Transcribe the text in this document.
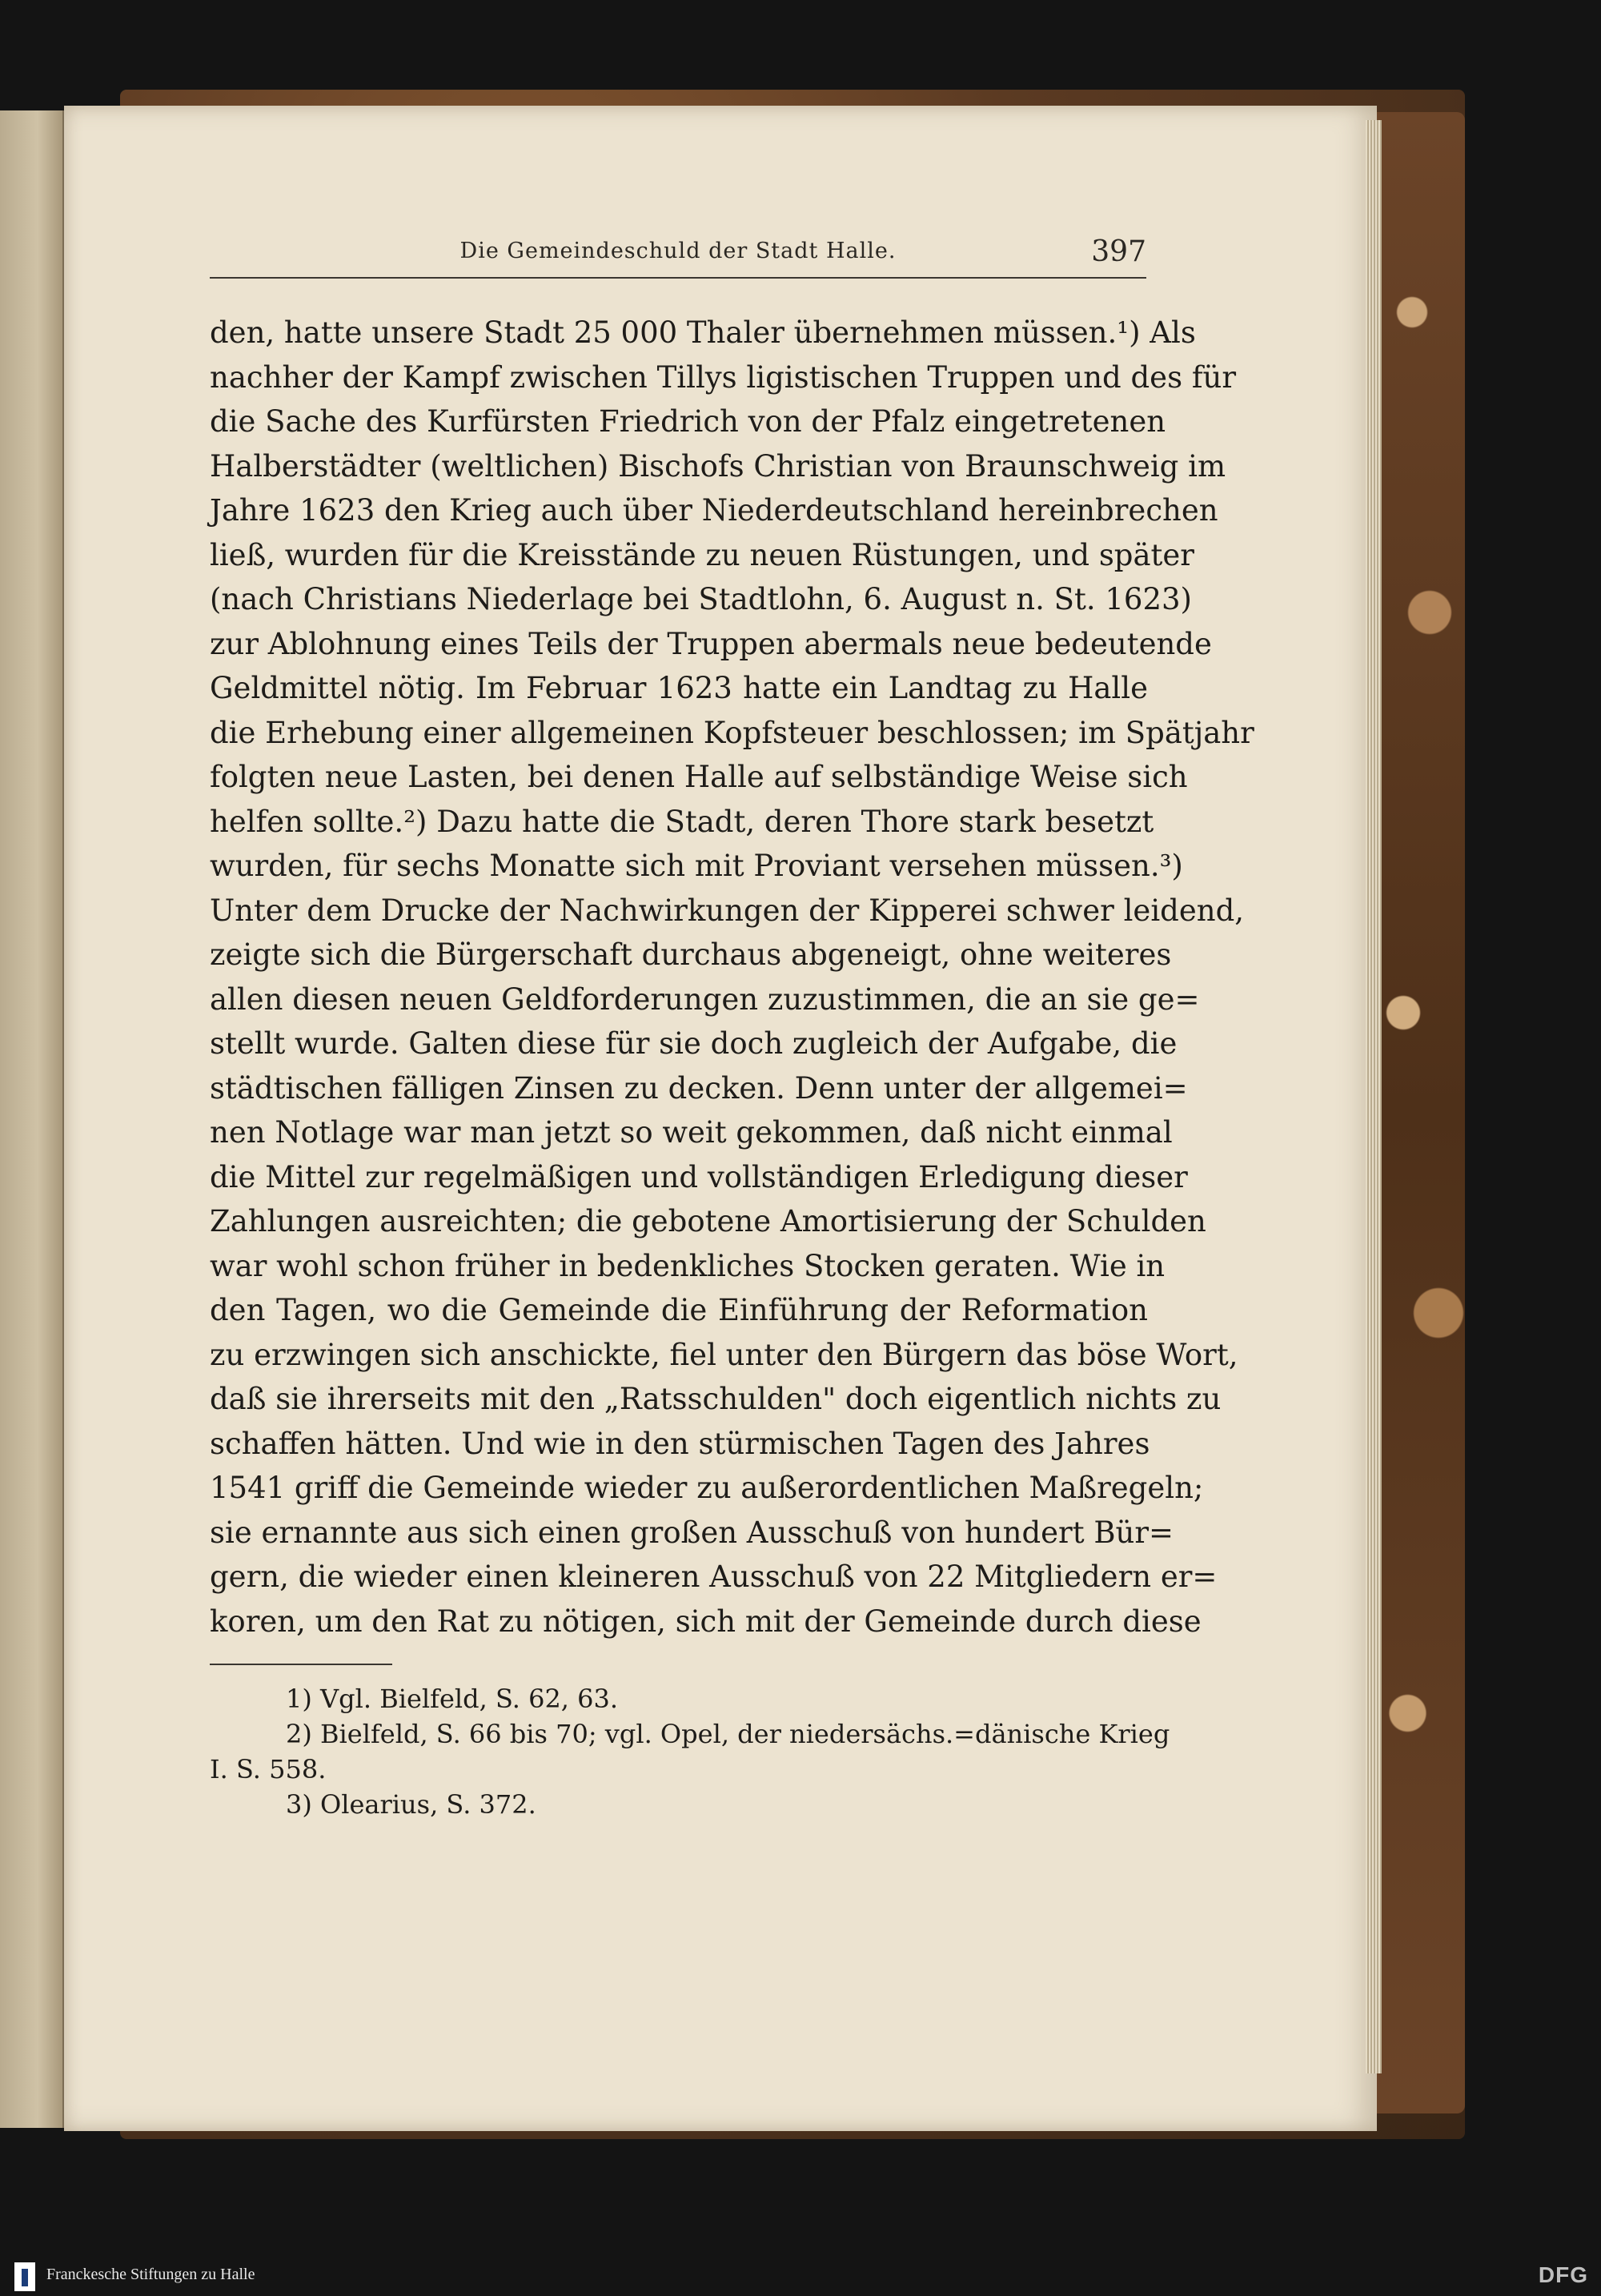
Die Gemeindeschuld der Stadt Halle.	397
den, hatte unsere Stadt 25 000 Thaler übernehmen müssen.¹) Als
nachher der Kampf zwischen Tillys ligistischen Truppen und des für
die Sache des Kurfürsten Friedrich von der Pfalz eingetretenen
Halberstädter (weltlichen) Bischofs Christian von Braunschweig im
Jahre 1623 den Krieg auch über Niederdeutschland hereinbrechen
ließ, wurden für die Kreisstände zu neuen Rüstungen, und später
(nach Christians Niederlage bei Stadtlohn, 6. August n. St. 1623)
zur Ablohnung eines Teils der Truppen abermals neue bedeutende
Geldmittel nötig. Im Februar 1623 hatte ein Landtag zu Halle
die Erhebung einer allgemeinen Kopfsteuer beschlossen; im Spätjahr
folgten neue Lasten, bei denen Halle auf selbständige Weise sich
helfen sollte.²) Dazu hatte die Stadt, deren Thore stark besetzt
wurden, für sechs Monatte sich mit Proviant versehen müssen.³)
Unter dem Drucke der Nachwirkungen der Kipperei schwer leidend,
zeigte sich die Bürgerschaft durchaus abgeneigt, ohne weiteres
allen diesen neuen Geldforderungen zuzustimmen, die an sie ge=
stellt wurde. Galten diese für sie doch zugleich der Aufgabe, die
städtischen fälligen Zinsen zu decken. Denn unter der allgemei=
nen Notlage war man jetzt so weit gekommen, daß nicht einmal
die Mittel zur regelmäßigen und vollständigen Erledigung dieser
Zahlungen ausreichten; die gebotene Amortisierung der Schulden
war wohl schon früher in bedenkliches Stocken geraten. Wie in
den Tagen, wo die Gemeinde die Einführung der Reformation
zu erzwingen sich anschickte, fiel unter den Bürgern das böse Wort,
daß sie ihrerseits mit den „Ratsschulden" doch eigentlich nichts zu
schaffen hätten. Und wie in den stürmischen Tagen des Jahres
1541 griff die Gemeinde wieder zu außerordentlichen Maßregeln;
sie ernannte aus sich einen großen Ausschuß von hundert Bür=
gern, die wieder einen kleineren Ausschuß von 22 Mitgliedern er=
koren, um den Rat zu nötigen, sich mit der Gemeinde durch diese
1) Vgl. Bielfeld, S. 62, 63.
2) Bielfeld, S. 66 bis 70; vgl. Opel, der niedersächs.=dänische Krieg
I. S. 558.
3) Olearius, S. 372.
Franckesche Stiftungen zu Halle	DFG
